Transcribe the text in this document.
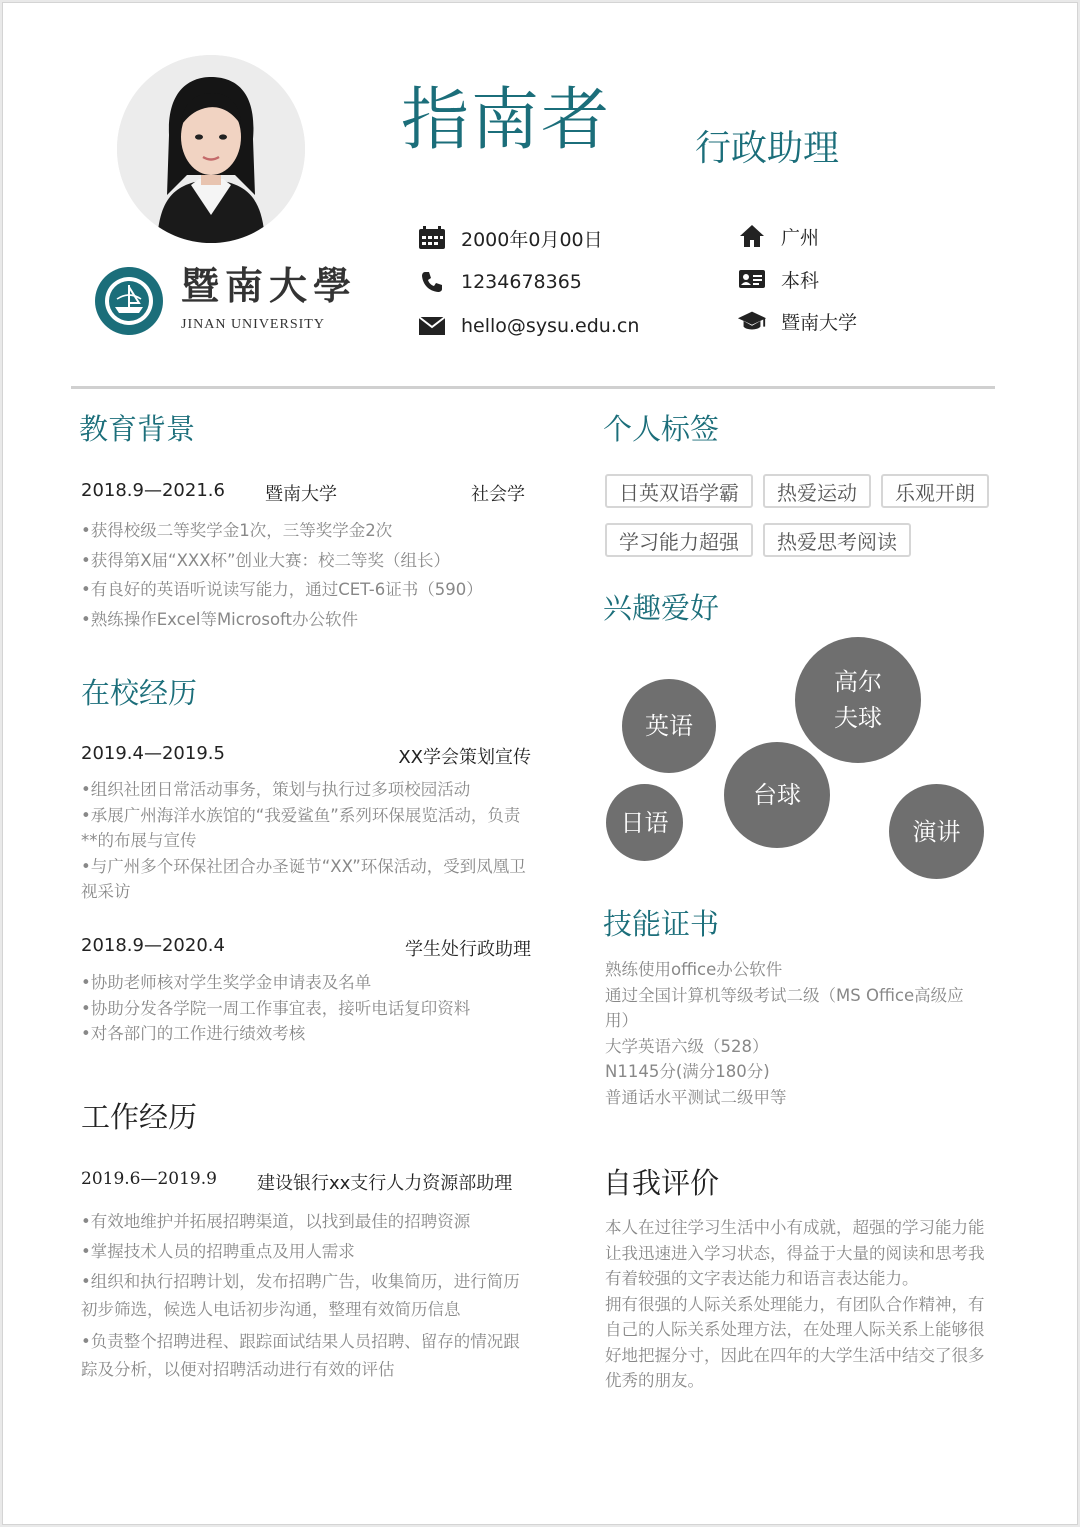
指南者 行政助理
暨南大學
JINAN UNIVERSITY
2000年0月00日
1234678365
hello@sysu.edu.cn
广州
本科
暨南大学
教育背景
2018.9—2021.6 暨南大学	社会学
•获得校级二等奖学金1次，三等奖学金2次
•获得第X届“XXX杯”创业大赛：校二等奖（组长）
•有良好的英语听说读写能力，通过CET-6证书（590）
•熟练操作Excel等Microsoft办公软件
在校经历
2019.4—2019.5	XX学会策划宣传
•组织社团日常活动事务，策划与执行过多项校园活动
•承展广州海洋水族馆的“我爱鲨鱼”系列环保展览活动，负责**的布展与宣传
•与广州多个环保社团合办圣诞节“XX”环保活动，受到凤凰卫视采访
2018.9—2020.4	学生处行政助理
•协助老师核对学生奖学金申请表及名单
•协助分发各学院一周工作事宜表，接听电话复印资料
•对各部门的工作进行绩效考核
工作经历
2019.6—2019.9 建设银行xx支行人力资源部助理
•有效地维护并拓展招聘渠道，以找到最佳的招聘资源
•掌握技术人员的招聘重点及用人需求
•组织和执行招聘计划，发布招聘广告，收集简历，进行简历初步筛选，候选人电话初步沟通，整理有效简历信息
•负责整个招聘进程、跟踪面试结果人员招聘、留存的情况跟踪及分析，以便对招聘活动进行有效的评估
个人标签
日英双语学霸	热爱运动	乐观开朗
学习能力超强	热爱思考阅读
兴趣爱好
英语
高尔
夫球
台球
日语	演讲
技能证书
熟练使用office办公软件
通过全国计算机等级考试二级（MS Office高级应用）
大学英语六级（528）
N1145分(满分180分)
普通话水平测试二级甲等
自我评价
本人在过往学习生活中小有成就，超强的学习能力能让我迅速进入学习状态，得益于大量的阅读和思考我有着较强的文字表达能力和语言表达能力。
拥有很强的人际关系处理能力，有团队合作精神，有自己的人际关系处理方法，在处理人际关系上能够很好地把握分寸，因此在四年的大学生活中结交了很多优秀的朋友。
